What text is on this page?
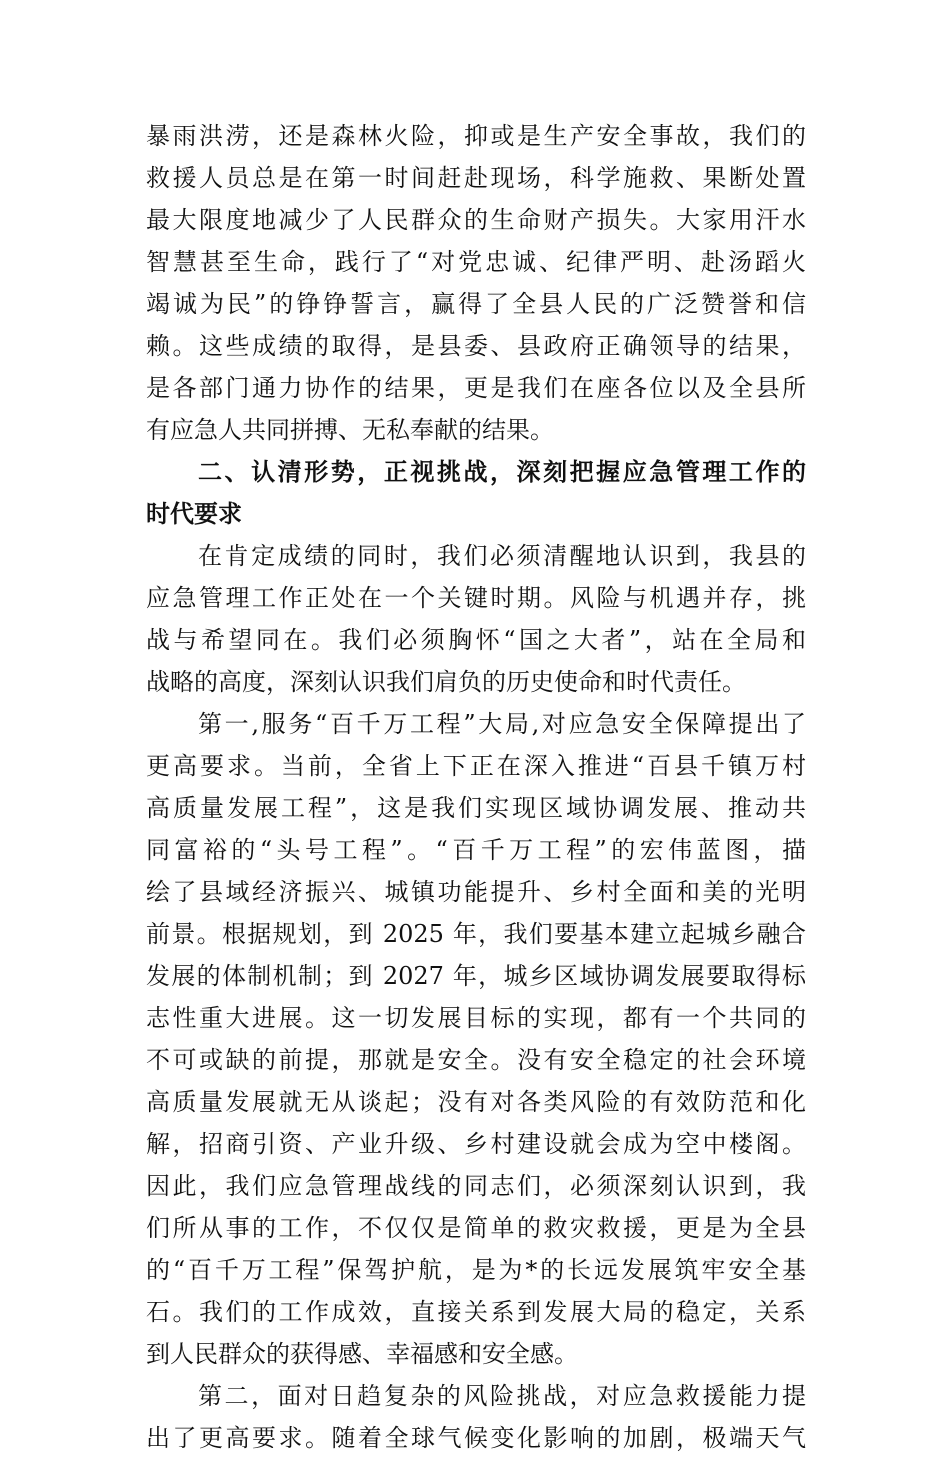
暴雨洪涝，还是森林火险，抑或是生产安全事故，我们的
救援人员总是在第一时间赶赴现场，科学施救、果断处置
最大限度地减少了人民群众的生命财产损失。大家用汗水
智慧甚至生命，践行了“对党忠诚、纪律严明、赴汤蹈火
竭诚为民”的铮铮誓言，赢得了全县人民的广泛赞誉和信
赖。这些成绩的取得，是县委、县政府正确领导的结果，
是各部门通力协作的结果，更是我们在座各位以及全县所
有应急人共同拼搏、无私奉献的结果。
二、认清形势，正视挑战，深刻把握应急管理工作的
时代要求
在肯定成绩的同时，我们必须清醒地认识到，我县的
应急管理工作正处在一个关键时期。风险与机遇并存，挑
战与希望同在。我们必须胸怀“国之大者”，站在全局和
战略的高度，深刻认识我们肩负的历史使命和时代责任。
第一,服务“百千万工程”大局,对应急安全保障提出了
更高要求。当前，全省上下正在深入推进“百县千镇万村
高质量发展工程”，这是我们实现区域协调发展、推动共
同富裕的“头号工程”。“百千万工程”的宏伟蓝图，描
绘了县域经济振兴、城镇功能提升、乡村全面和美的光明
前景。根据规划，到 2025 年，我们要基本建立起城乡融合
发展的体制机制；到 2027 年，城乡区域协调发展要取得标
志性重大进展。这一切发展目标的实现，都有一个共同的
不可或缺的前提，那就是安全。没有安全稳定的社会环境
高质量发展就无从谈起；没有对各类风险的有效防范和化
解，招商引资、产业升级、乡村建设就会成为空中楼阁。
因此，我们应急管理战线的同志们，必须深刻认识到，我
们所从事的工作，不仅仅是简单的救灾救援，更是为全县
的“百千万工程”保驾护航，是为*的长远发展筑牢安全基
石。我们的工作成效，直接关系到发展大局的稳定，关系
到人民群众的获得感、幸福感和安全感。
第二，面对日趋复杂的风险挑战，对应急救援能力提
出了更高要求。随着全球气候变化影响的加剧，极端天气
